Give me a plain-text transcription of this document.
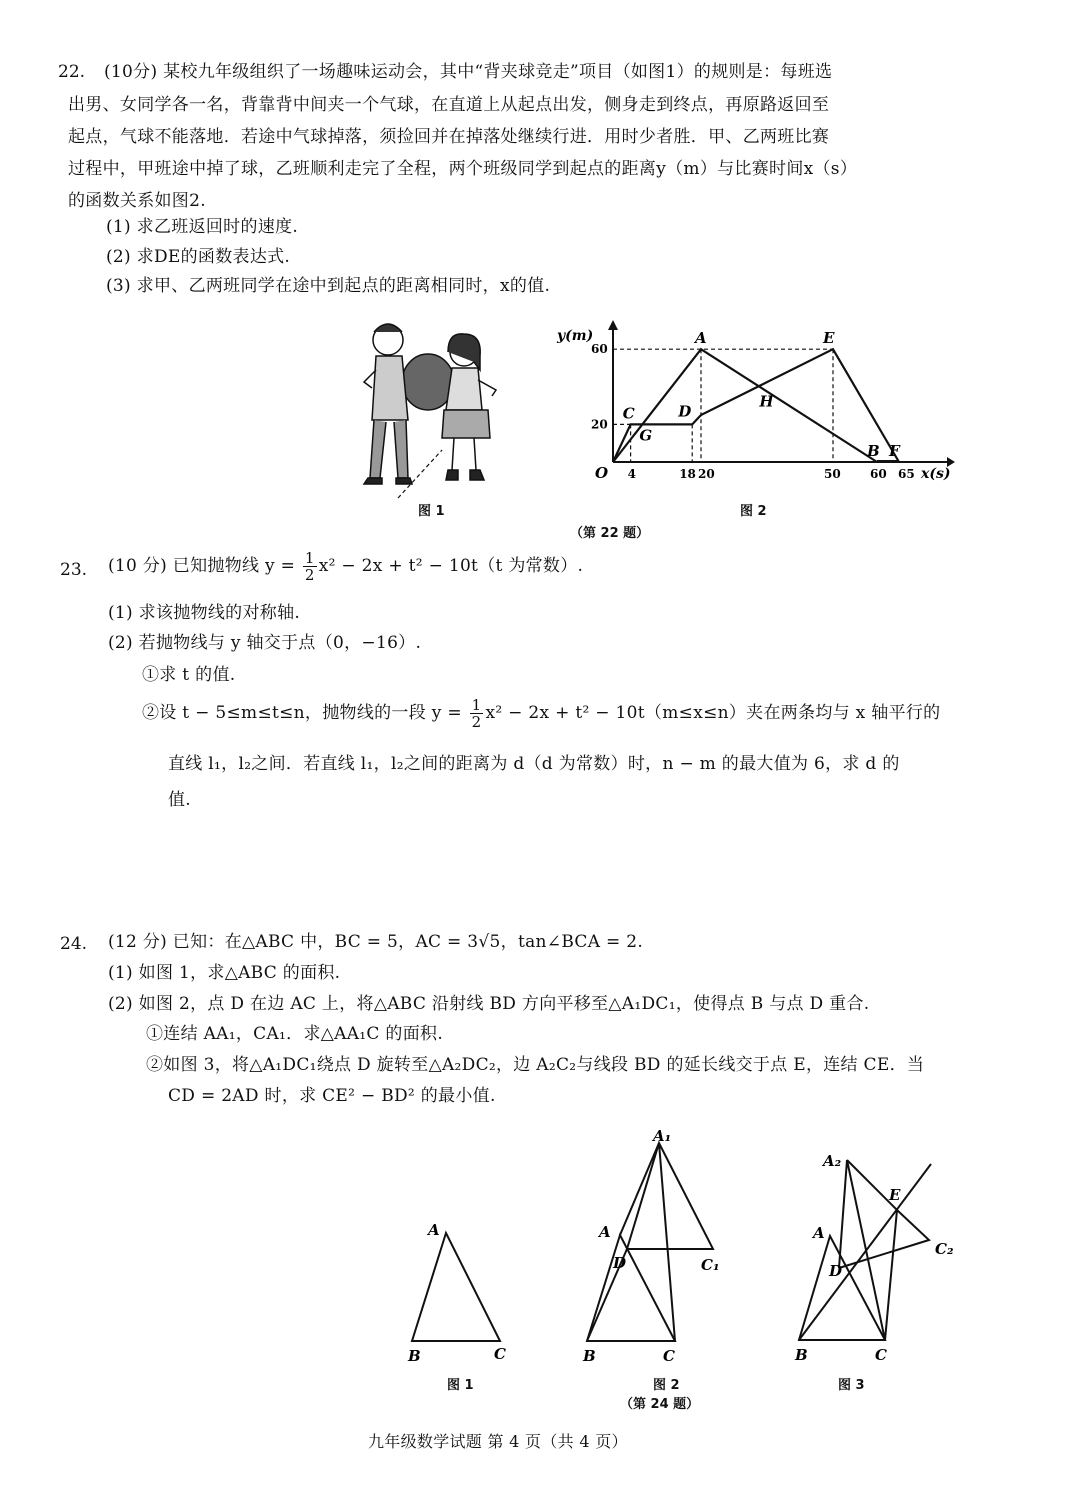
22. (10分) 某校九年级组织了一场趣味运动会，其中“背夹球竞走”项目（如图1）的规则是：每班选
出男、女同学各一名，背靠背中间夹一个气球，在直道上从起点出发，侧身走到终点，再原路返回至
起点，气球不能落地．若途中气球掉落，须捡回并在掉落处继续行进．用时少者胜．甲、乙两班比赛
过程中，甲班途中掉了球，乙班顺利走完了全程，两个班级同学到起点的距离y（m）与比赛时间x（s）
的函数关系如图2.
(1) 求乙班返回时的速度.
(2) 求DE的函数表达式.
(3) 求甲、乙两班同学在途中到起点的距离相同时，x的值.
图 1
y(m)
x(s)
O
60
20
4	18 20	50 60 65
A
C
G
D
H
E
B F
图 2
（第 22 题）
23. (10 分) 已知抛物线 $y = \frac{1}{2} x^2 - 2x + t^2 - 10t(t$ 为常数）.
(1) 求该抛物线的对称轴.
(2) 若抛物线与 y 轴交于点（0，−16）.
①求 t 的值.
②设 t − 5≤m≤t≤n，抛物线的一段 $y = \frac{1}{2} x^2 - 2x + t^2 - 10t(m\le x\le n)$夹在两条均与 x 轴平行的
直线 l₁，l₂之间．若直线 l₁，l₂之间的距离为 d（d 为常数）时，n − m 的最大值为 6，求 d 的
值.
24. (12 分) 已知：在△ABC 中，BC = 5，AC = 3√5，tan∠BCA = 2.
(1) 如图 1，求△ABC 的面积.
(2) 如图 2，点 D 在边 AC 上，将△ABC 沿射线 BD 方向平移至△A₁DC₁，使得点 B 与点 D 重合.
①连结 AA₁，CA₁．求△AA₁C 的面积.
②如图 3，将△A₁DC₁绕点 D 旋转至△A₂DC₂，边 A₂C₂与线段 BD 的延长线交于点 E，连结 CE．当
CD = 2AD 时，求 CE² − BD² 的最小值.
A
B	C
图 1
A₁
A
D	C₁
B	C
图 2
（第 24 题）
A₂
E
A
C₂
D
B	C
图 3
九年级数学试题 第 4 页（共 4 页）
